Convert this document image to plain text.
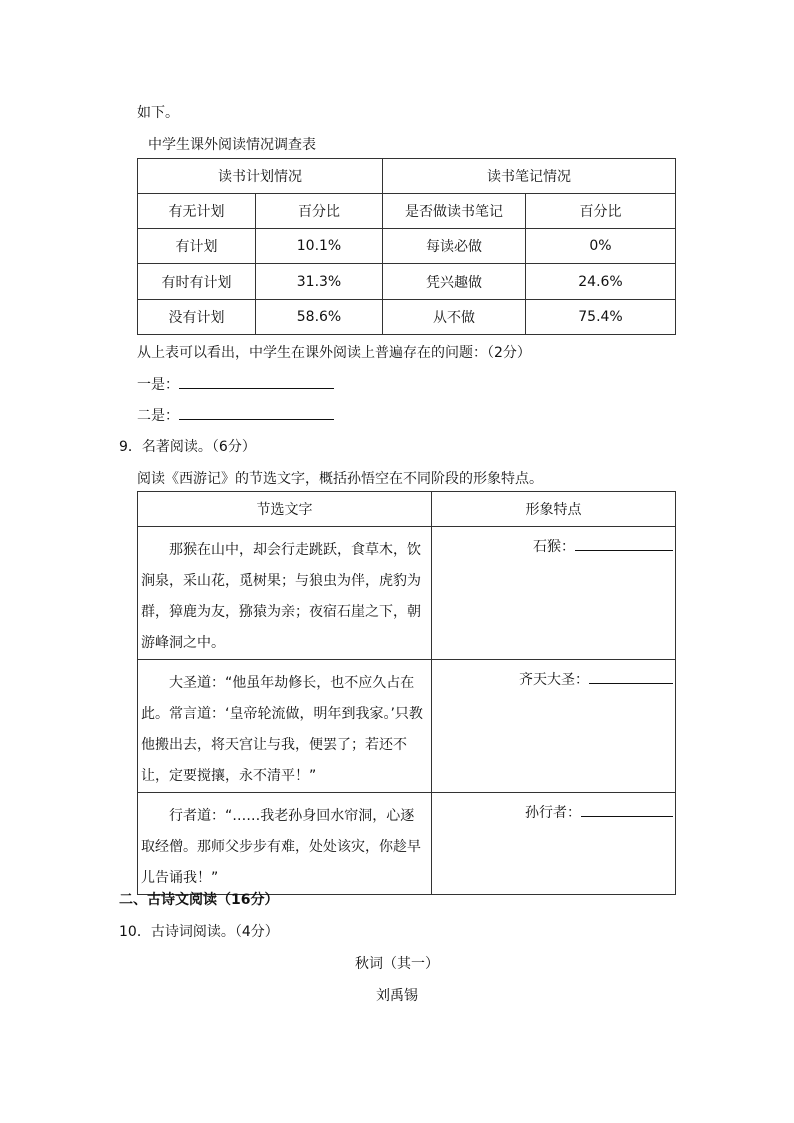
如下。
中学生课外阅读情况调查表
读书计划情况		读书笔记情况	
有无计划	百分比	是否做读书笔记	百分比
有计划	10.1%	每读必做	0%
有时有计划	31.3%	凭兴趣做	24.6%
没有计划	58.6%	从不做	75.4%
从上表可以看出，中学生在课外阅读上普遍存在的问题：（2分）
一是：
二是：
9．名著阅读。（6分）
阅读《西游记》的节选文字，概括孙悟空在不同阶段的形象特点。
节选文字	形象特点
　　那猴在山中，却会行走跳跃，食草木，饮涧泉，采山花，觅树果；与狼虫为伴，虎豹为群，獐鹿为友，猕猿为亲；夜宿石崖之下，朝游峰洞之中。	石猴：
　　大圣道：“他虽年劫修长，也不应久占在此。常言道：‘皇帝轮流做，明年到我家。’只教他搬出去，将天宫让与我，便罢了；若还不让，定要搅攘，永不清平！”	齐天大圣：
　　行者道：“……我老孙身回水帘洞，心逐取经僧。那师父步步有难，处处该灾，你趁早儿告诵我！”	孙行者：
二、古诗文阅读（16分）
10．古诗词阅读。（4分）
秋词（其一）
刘禹锡
